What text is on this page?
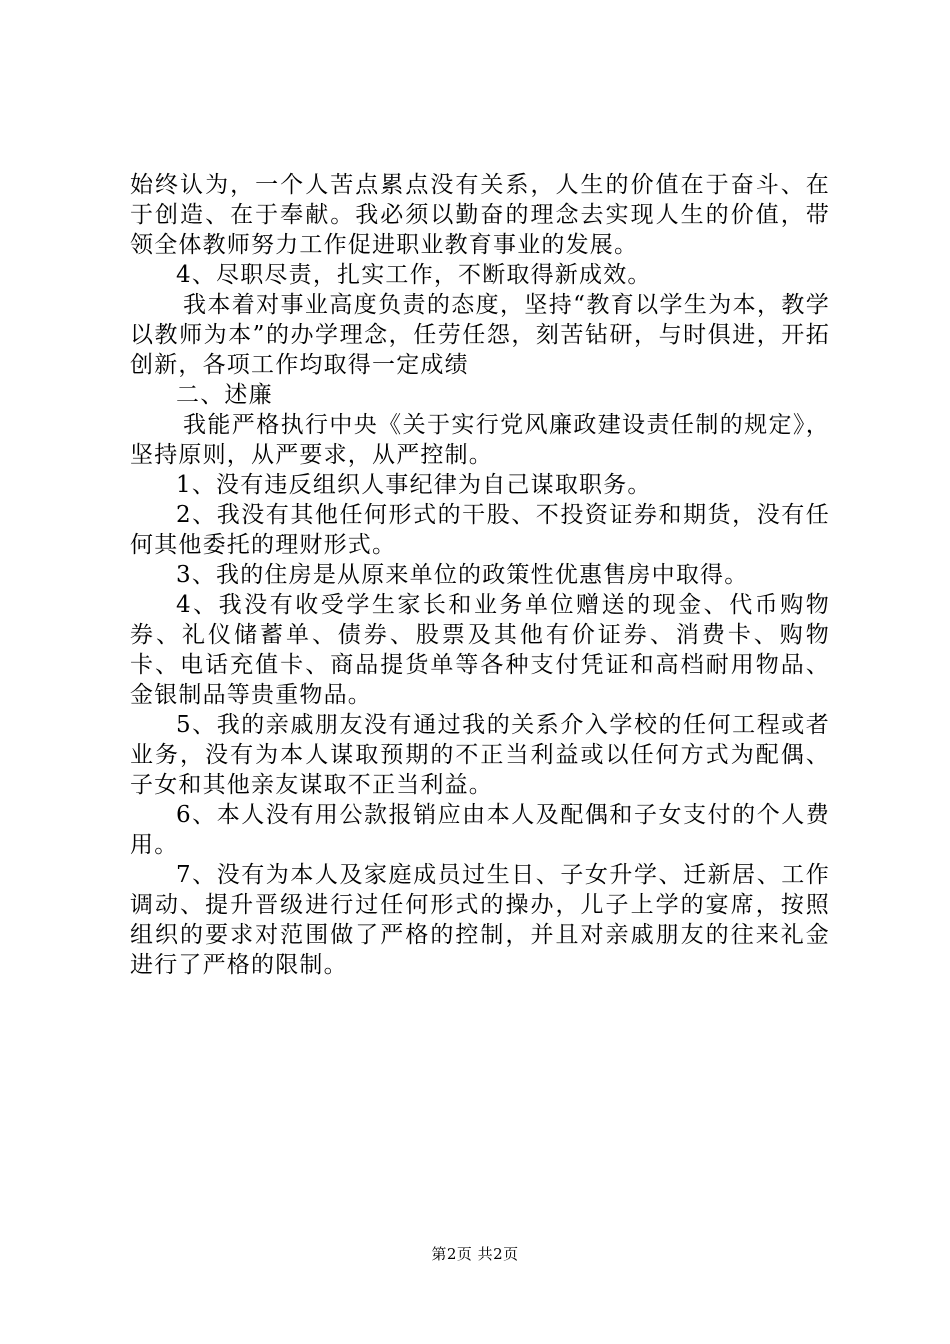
始终认为，一个人苦点累点没有关系，人生的价值在于奋斗、在于创造、在于奉献。我必须以勤奋的理念去实现人生的价值，带领全体教师努力工作促进职业教育事业的发展。

4、尽职尽责，扎实工作，不断取得新成效。

我本着对事业高度负责的态度，坚持“教育以学生为本，教学以教师为本”的办学理念，任劳任怨，刻苦钻研，与时俱进，开拓创新，各项工作均取得一定成绩

二、述廉

我能严格执行中央《关于实行党风廉政建设责任制的规定》，坚持原则，从严要求，从严控制。

1、没有违反组织人事纪律为自己谋取职务。

2、我没有其他任何形式的干股、不投资证券和期货，没有任何其他委托的理财形式。

3、我的住房是从原来单位的政策性优惠售房中取得。

4、我没有收受学生家长和业务单位赠送的现金、代币购物券、礼仪储蓄单、债券、股票及其他有价证券、消费卡、购物卡、电话充值卡、商品提货单等各种支付凭证和高档耐用物品、金银制品等贵重物品。

5、我的亲戚朋友没有通过我的关系介入学校的任何工程或者业务，没有为本人谋取预期的不正当利益或以任何方式为配偶、子女和其他亲友谋取不正当利益。

6、本人没有用公款报销应由本人及配偶和子女支付的个人费用。

7、没有为本人及家庭成员过生日、子女升学、迁新居、工作调动、提升晋级进行过任何形式的操办，儿子上学的宴席，按照组织的要求对范围做了严格的控制，并且对亲戚朋友的往来礼金进行了严格的限制。

第2页 共2页
